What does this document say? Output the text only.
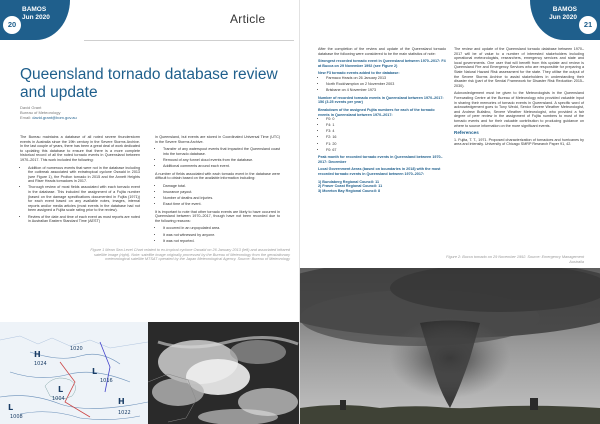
BAMOS
Jun 2020
20	Article
Queensland tornado database review and update
David Grant
Bureau of Meteorology
Email: david.grant@bom.gov.au

The Bureau maintains a database of all noted severe thunderstorm events in Australia since the 19th century in the Severe Storms Archive. In the last couple of years, there has been a great deal of work dedicated to updating this database to ensure that there is a more complete historical record of all the noted tornado events in Queensland between 1970–2017. This work included the following:

• Addition of numerous events that were not in the database including the outbreak associated with extratropical cyclone Oswald in 2013 (see Figure 1), the Prolton tornado in 2015 and the Annett Heights and Riser Heads tornadoes in 2017.
• Thorough review of most fields associated with each tornado event in the database. This included the assignment of a Fujita number (based on the damage specifications documented in Fujita (1971)) for each event based on any available notes, images, internal reports and/or media articles (most events in the database had not been assigned a Fujita scale rating prior to the review).
• Review of the date and time of each event as most reports are noted in Australian Eastern Standard Time (AEST)

in Queensland, but events are stored in Coordinated Universal Time (UTC) in the Severe Storms Archive.

• Transfer of any waterspout events that impacted the Queensland coast into the tornado database.
• Removal of any funnel cloud events from the database.
• Additional comments around each event.

A number of fields associated with each tornado event in the database were difficult to obtain based on the available information including:

• Damage total.
• Insurance payout.
• Number of deaths and injuries.
• Exact time of the event.

It is important to note that other tornado events are likely to have occurred in Queensland between 1970–2017, though have not been recorded due to the following reasons:

• It occurred in an unpopulated area.
• It was not witnessed by anyone.
• It was not reported.
Figure 1 Mean Sea Level Chart related to ex-tropical cyclone Oswald on 26 January 2013 (left) and associated infrared satellite image (right). Note: satellite image originally processed by the Bureau of Meteorology from the geostationary meteorological satellite MTSAT operated by the Japan Meteorological Agency. Source: Bureau of Meteorology
H
H
L
L
L
1024
1020
1016
1004
1008
1022
BAMOS
Jun 2020
21

After the completion of the review and update of the Queensland tornado database the following were considered to be the main statistics of note:

Strongest recorded tornado event in Queensland between 1970–2017: F4 at Bucca on 29 November 1992 (see Figure 2)
New F3 tornado events added to the database:
• Parmaco Heads on 26 January 2013
• North Rockhampton on 2 November 2003
• Brisbane on 4 November 1973
Number of recorded tornado events in Queensland between 1970–2017: 156 (3.25 events per year)
Breakdown of the assigned Fujita numbers for each of the tornado events in Queensland between 1970–2017:
• F0: 0
• F4: 1
• F3: 4
• F2: 16
• F1: 20
• F0: 67
Peak month for recorded tornado events in Queensland between 1970–2017: December
Local Government Areas (based on boundaries in 2018) with the most recorded tornado events in Queensland between 1970–2017:
1) Bundaberg Regional Council: 11
2) Fraser Coast Regional Council: 11
3) Moreton Bay Regional Council: 8

The review and update of the Queensland tornado database between 1970–2017 will be of value to a number of interested stakeholders including operational meteorologists, researchers, emergency services and state and local governments. One user that will benefit from this update and review is Queensland Fire and Emergency Services who are responsible for preparing a State Natural Hazard Risk assessment for the state. They utilise the output of the Severe Storms Archive to assist stakeholders in understanding their disaster risk (part of the Sendai Framework for Disaster Risk Reduction 2015–2030).

Acknowledgement must be given to the Meteorologists in the Queensland Forecasting Centre at the Bureau of Meteorology who provided valuable input in sharing their memories of tornado events in Queensland. A specific word of acknowledgement goes to Tony Wedd, Senior Severe Weather Meteorologist, and Andrew Bufalino, Severe Weather Meteorologist, who provided a fair degree of peer review in the assignment of Fujita numbers to most of the tornado events and for their valuable contribution to producing guidance on where to source information on the more significant events.

References

1. Fujita, T. T., 1971. Proposed characterization of tornadoes and hurricanes by area and intensity. University of Chicago SMRP Research Paper 91, 42.

Figure 2: Bucca tornado on 29 November 1992. Source: Emergency Management Australia
